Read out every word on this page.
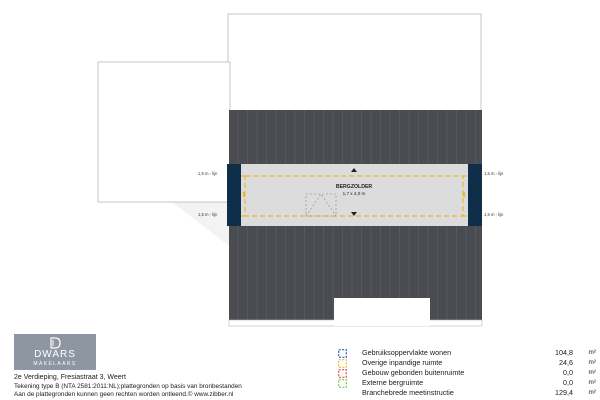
BERGZOLDER
1,7 x 4,0 m
1,5 m - lijn
1,5 m - lijn
1,5 m - lijn
1,5 m - lijn
DWARS
MAKELAARS
2e Verdieping, Fresiastraat 3, Weert
Tekening type B (NTA 2581:2011:NL);plattegronden op basis van bronbestanden
Aan de plattegronden kunnen geen rechten worden ontleend.© www.zibber.nl
Gebruiksoppervlakte wonen	104,8 m²
Overige inpandige ruimte	24,6 m²
Gebouw gebonden buitenruimte	0,0 m²
Externe bergruimte	0,0 m²
Branchebrede meetinstructie	129,4 m²
